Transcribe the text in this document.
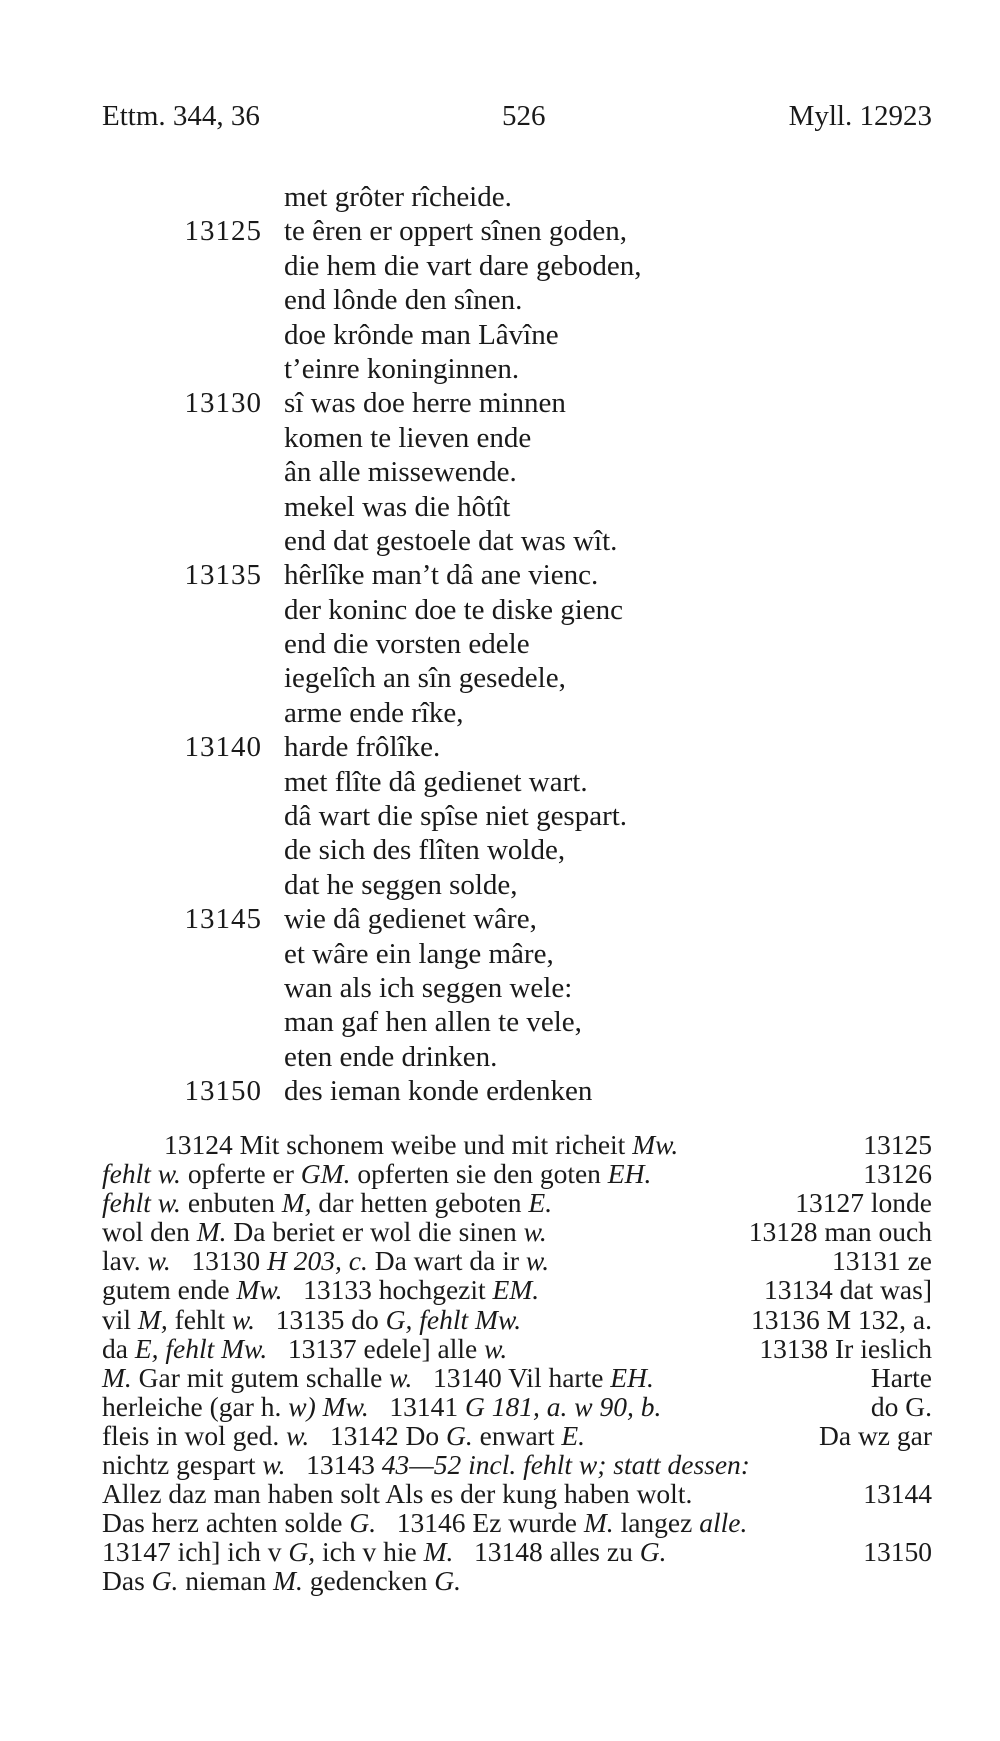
Ettm. 344, 36	526	Myll. 12923
met grôter rîcheide.
13125 te êren er oppert sînen goden,
die hem die vart dare geboden,
end lônde den sînen.
doe krônde man Lâvîne
t’einre koninginnen.
13130 sî was doe herre minnen
komen te lieven ende
ân alle missewende.
mekel was die hôtît
end dat gestoele dat was wît.
13135 hêrlîke man’t dâ ane vienc.
der koninc doe te diske gienc
end die vorsten edele
iegelîch an sîn gesedele,
arme ende rîke,
13140 harde frôlîke.
met flîte dâ gedienet wart.
dâ wart die spîse niet gespart.
de sich des flîten wolde,
dat he seggen solde,
13145 wie dâ gedienet wâre,
et wâre ein lange mâre,
wan als ich seggen wele:
man gaf hen allen te vele,
eten ende drinken.
13150 des ieman konde erdenken
13124 Mit schonem weibe und mit richeit Mw.	13125
fehlt w. opferte er GM. opferten sie den goten EH.	13126
fehlt w. enbuten M, dar hetten geboten E.	13127 londe
wol den M. Da beriet er wol die sinen w.	13128 man ouch
lav. w.   13130 H 203, c. Da wart da ir w.	13131 ze
gutem ende Mw.   13133 hochgezit EM.	13134 dat was]
vil M, fehlt w.   13135 do G, fehlt Mw.	13136 M 132, a.
da E, fehlt Mw.   13137 edele] alle w.	13138 Ir ieslich
M. Gar mit gutem schalle w.   13140 Vil harte EH.	Harte
herleiche (gar h. w) Mw.   13141 G 181, a. w 90, b.	do G.
fleis in wol ged. w.   13142 Do G. enwart E.	Da wz gar
nichtz gespart w.   13143 43—52 incl. fehlt w; statt dessen:
Allez daz man haben solt Als es der kung haben wolt.	13144
Das herz achten solde G.   13146 Ez wurde M. langez alle.
13147 ich] ich v G, ich v hie M.   13148 alles zu G.	13150
Das G. nieman M. gedencken G.
